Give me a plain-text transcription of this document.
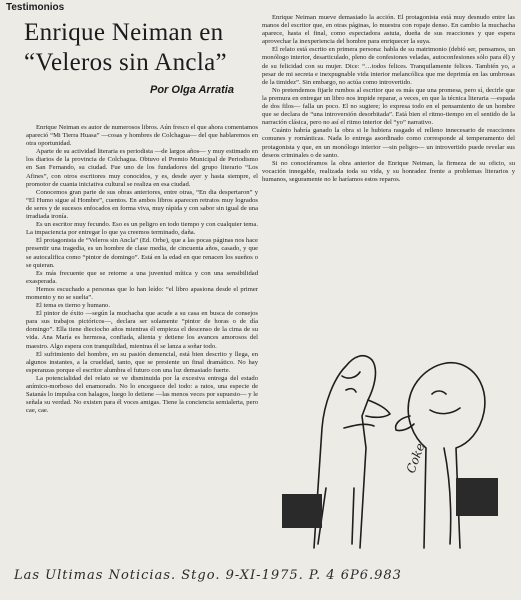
Testimonios
Enrique Neiman en
“Veleros sin Ancla”

Por Olga Arratia

Enrique Neiman es autor de numerosos libros. Aún fresco el que ahora comentamos apareció “Mi Tierra Huasa” —cosas y hombres de Colchagua— del que hablaremos en otra oportunidad.

Aparte de su actividad literaria es periodista —de largos años— y muy estimado en los diarios de la provincia de Colchagua. Obtuvo el Premio Municipal de Periodismo en San Fernando, su ciudad. Fue uno de los fundadores del grupo literario “Los Afines”, con otros escritores muy conocidos, y es, desde ayer y hasta siempre, el promotor de cuanta iniciativa cultural se realiza en esa ciudad.

Conocemos gran parte de sus obras anteriores, entre otras, “En dia despertaron” y “El Humo sigue al Hombre”, cuentos. En ambos libros aparecen retratos muy logrados de seres y de sucesos enfocados en forma viva, muy rápida y con sabor sin igual de una irradiada ironía.

Es un escritor muy fecundo. Eso es un peligro en todo tiempo y con cualquier tema. La impaciencia por entregar lo que ya creemos terminado, daña.

El protagonista de “Veleros sin Ancla” (Ed. Orbe), que a las pocas páginas nos hace presentir una tragedia, es un hombre de clase media, de cincuenta años, casado, y que se autocalifica como “pintor de domingo”. Está en la edad en que renacen los sueños o se quieran.

Es más frecuente que se retorne a una juventud mítica y con una sensibilidad exasperada.

Hemos escuchado a personas que lo han leído: “el libro apasiona desde el primer momento y no se suelta”.

El tema es tierno y humano.

El pintor de éxito —según la muchacha que acude a su casa en busca de consejos para sus trabajos pictóricos—, declara ser solamente “pintor de horas o de día domingo”. Ella tiene dieciocho años mientras él empieza el descenso de la cima de su vida. Ana María es hermosa, confiada, alienta y detiene los avances amorosos del maestro. Algo espera con tranquilidad, mientras él se lanza a soñar todo.

El sufrimiento del hombre, en su pasión demencial, está bien descrito y llega, en algunos instantes, a la crueldad, tanto, que se presiente un final dramático. No hay esperanzas porque el escritor alumbra el futuro con una luz demasiado fuerte.

La potencialidad del relato se ve disminuida por la excesiva entrega del estado anímico-morboso del enamorado. No lo enceguece del todo: a ratos, una especie de Satanás lo impulsa con halagos, luego lo detiene —las menos veces por supuesto— y le señala su verdad. No existen para él voces amigas. Tiene la conciencia semialerta, pero cae, cae.

Enrique Neiman mueve demasiado la acción. El protagonista está muy desnudo entre las manos del escritor que, en otras páginas, lo muestra con ropaje denso. En cambio la muchacha aparece, hasta el final, como espectadora astuta, dueña de sus reacciones y que espera aprovechar la inexperiencia del hombre para enriquecer la suya.

El relato está escrito en primera persona: habla de su matrimonio (debió ser, pensamos, un monólogo interior, desarticulado, pleno de confesiones veladas, autoconfesiones sólo para él) y de su felicidad con su mujer. Dice: “…todos felices. Tranquilamente felices. También yo, a pesar de mi secreta e inexpugnable vida interior melancólica que me deprimía en las umbrosas de la timidez”. Sin embargo, no actúa como introvertido.

No pretendemos fijarle rumbos al escritor que es más que una promesa, pero sí, decirle que la premura en entregar un libro nos impide reparar, a veces, en que la técnica literaria —espada de dos filos— falla un poco. El no sugiere; lo expresa todo en el pensamiento de un hombre que se declara de “una introversión desorbitada”. Está bien el ritmo-tiempo en el sentido de la narración clásica, pero no así el ritmo interior del “yo” narrativo.

Cuánto habría ganado la obra si le hubiera rasgado el relleno innecesario de reacciones comunes y románticas. Nada lo entrega asordinado como corresponde al temperamento del protagonista y que, en un monólogo interior —sin peligro— un introvertido puede revelar sus deseos criminales o de santo.

Si no conociéramos la obra anterior de Enrique Neiman, la firmeza de su oficio, su vocación innegable, realizada toda su vida, y su honradez frente a problemas literarios y humanos, seguramente no le haríamos estos reparos.

Coke

Las Ultimas Noticias. Stgo. 9-XI-1975. P. 4 6P6.983
